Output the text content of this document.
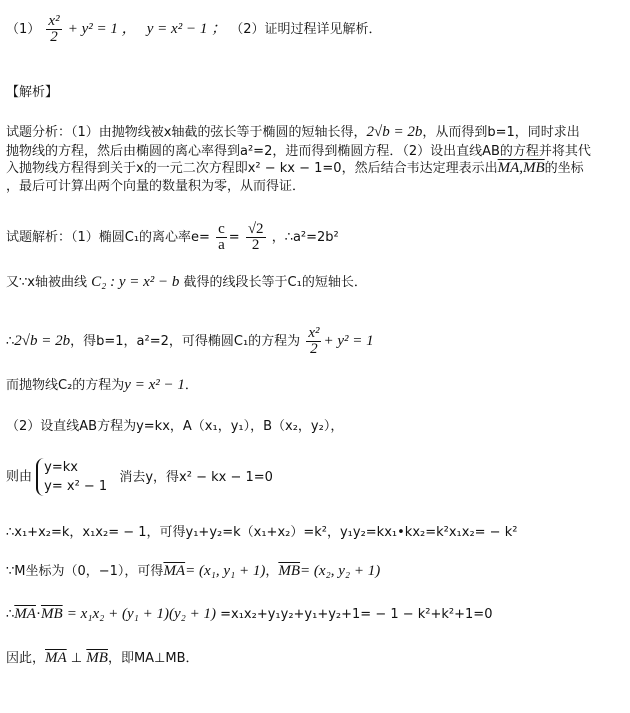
$(1) \frac{\text{x²}}{2} + y^2 = 1$ ， y = x² − 1 ； （2）证明过程详见解析．
【解析】
试题分析：（1）由抛物线被x轴截的弦长等于椭圆的短轴长得，2√b = 2b，从而得到b=1，同时求出
抛物线的方程，然后由椭圆的离心率得到a²=2，进而得到椭圆方程．（2）设出直线AB的方程并将其代
入抛物线方程得到关于x的一元二次方程即x² − kx − 1=0，然后结合韦达定理表示出MA,MB的坐标
，最后可计算出两个向量的数量积为零，从而得证．
试题解析：（1）椭圆C₁的离心率$e= \frac{c}{a} = \frac{√2}{2}$ ，∴a²=2b²
又∵x轴被曲线 C₂ : y = x² − b 截得的线段长等于C₁的短轴长．
∴2√b = 2b，得b=1，a²=2，可得椭圆C₁的方程为 $\frac{\text{x²}}{2} + y^2 = 1$
而抛物线C₂的方程为y = x² − 1．
（2）设直线AB方程为y=kx，A（x₁，y₁），B（x₂，y₂），
则由
y=kx
y= x² − 1
消去y，得x² − kx − 1=0
∴x₁+x₂=k，x₁x₂= − 1，可得y₁+y₂=k（x₁+x₂）=k²，y₁y₂=kx₁•kx₂=k²x₁x₂= − k²
∵M坐标为（0，−1），可得$\overline{MA}= (x_1$, y₁ + 1)，$\overline{MB}= (x_2$, y₂ + 1)
$\therefore\overline{MA}\cdot\overline{MB} = x_1x_2 + (y_1 + 1)(y_2 + 1) =x_1x_2+y_1y_2+y_1+y_2+1= - 1 - k^2+k^2+1=0$
因此，$\overline{MA}$ ⊥ $\overline{MB}$，即MA⊥MB．
